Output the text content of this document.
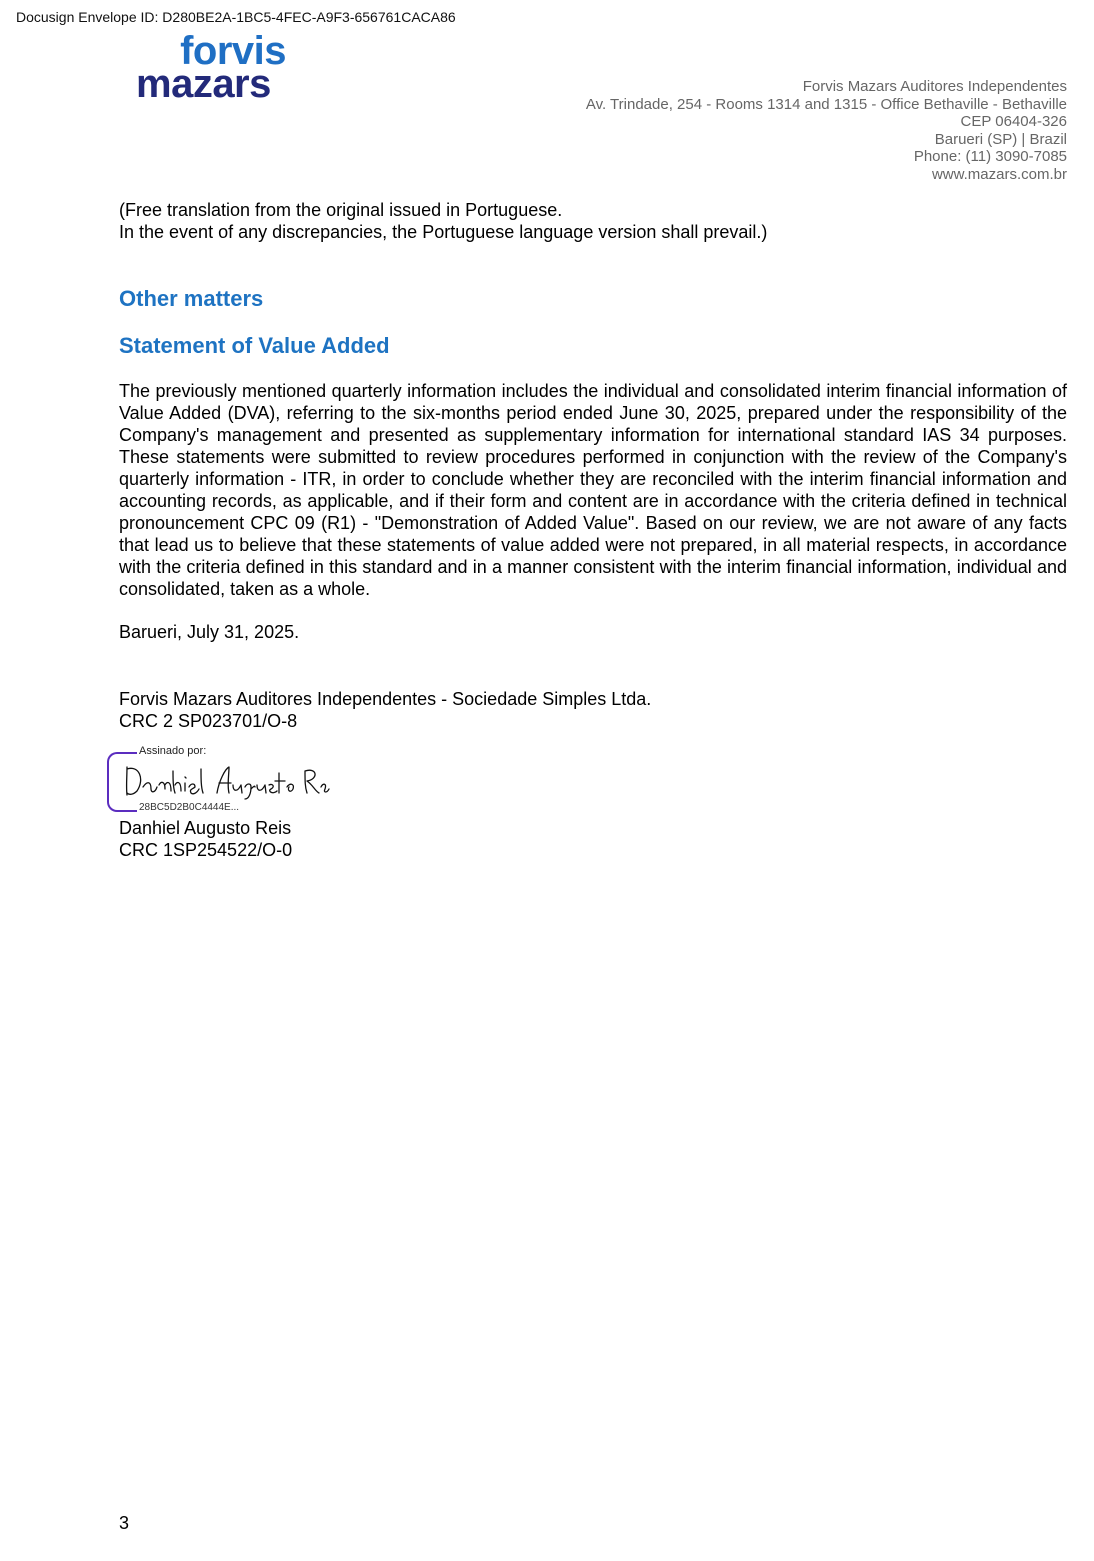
Docusign Envelope ID: D280BE2A-1BC5-4FEC-A9F3-656761CACA86
forvis
mazars	Forvis Mazars Auditores Independentes
Av. Trindade, 254 - Rooms 1314 and 1315 - Office Bethaville - Bethaville
CEP 06404-326
Barueri (SP) | Brazil
Phone: (11) 3090-7085
www.mazars.com.br
(Free translation from the original issued in Portuguese.
In the event of any discrepancies, the Portuguese language version shall prevail.)
Other matters
Statement of Value Added
The previously mentioned quarterly information includes the individual and consolidated interim financial information of Value Added (DVA), referring to the six-months period ended June 30, 2025, prepared under the responsibility of the Company's management and presented as supplementary information for international standard IAS 34 purposes. These statements were submitted to review procedures performed in conjunction with the review of the Company's quarterly information - ITR, in order to conclude whether they are reconciled with the interim financial information and accounting records, as applicable, and if their form and content are in accordance with the criteria defined in technical pronouncement CPC 09 (R1) - "Demonstration of Added Value". Based on our review, we are not aware of any facts that lead us to believe that these statements of value added were not prepared, in all material respects, in accordance with the criteria defined in this standard and in a manner consistent with the interim financial information, individual and consolidated, taken as a whole.
Barueri, July 31, 2025.
Forvis Mazars Auditores Independentes - Sociedade Simples Ltda.
CRC 2 SP023701/O-8
Assinado por:
28BC5D2B0C4444E...
Danhiel Augusto Reis
CRC 1SP254522/O-0
3
